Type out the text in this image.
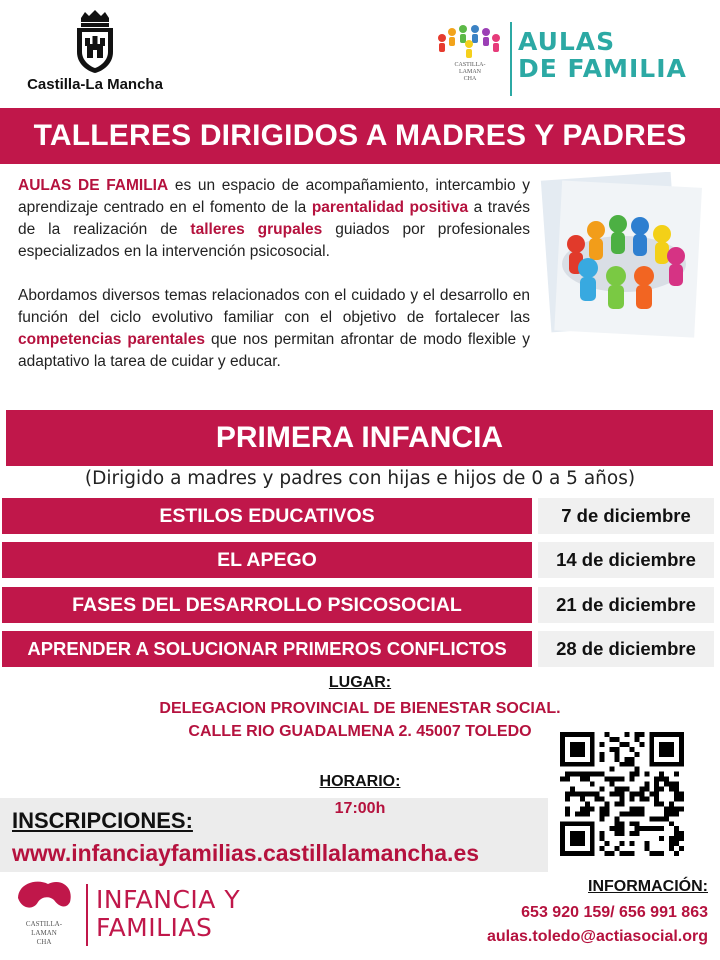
Castilla-La Mancha
CASTILLA-
LAMAN
CHA
AULAS
DE FAMILIA
TALLERES DIRIGIDOS A MADRES Y PADRES

AULAS DE FAMILIA es un espacio de acompañamiento, intercambio y aprendizaje centrado en el fomento de la parentalidad positiva a través de la realización de talleres grupales guiados por profesionales especializados en la intervención psicosocial.

Abordamos diversos temas relacionados con el cuidado y el desarrollo en función del ciclo evolutivo familiar con el objetivo de fortalecer las competencias parentales que nos permitan afrontar de modo flexible y adaptativo la tarea de cuidar y educar.

PRIMERA INFANCIA
(Dirigido a madres y padres con hijas e hijos de 0 a 5 años)
ESTILOS EDUCATIVOS	7 de diciembre
EL APEGO	14 de diciembre
FASES DEL DESARROLLO PSICOSOCIAL	21 de diciembre
APRENDER A SOLUCIONAR PRIMEROS CONFLICTOS	28 de diciembre
LUGAR:
DELEGACION PROVINCIAL DE BIENESTAR SOCIAL.
CALLE RIO GUADALMENA 2. 45007 TOLEDO
HORARIO:
17:00h
INSCRIPCIONES:
www.infanciayfamilias.castillalamancha.es
CASTILLA-
LAMAN
CHA
INFANCIA Y
FAMILIAS
INFORMACIÓN:
653 920 159/ 656 991 863
aulas.toledo@actiasocial.org
